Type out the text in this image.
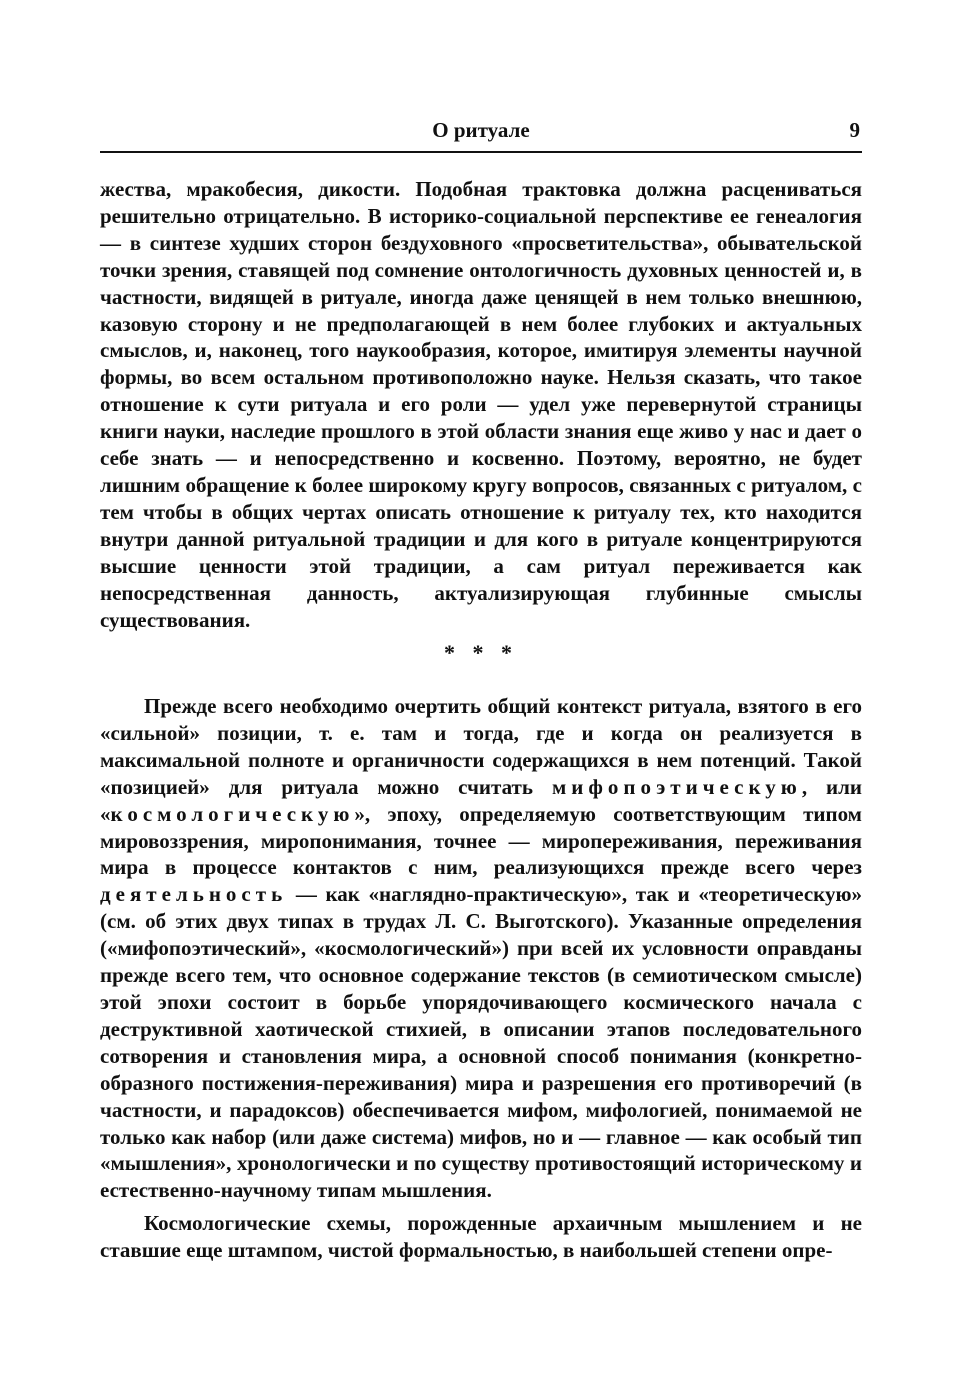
О ритуале	9

жества, мракобесия, дикости. Подобная трактовка должна расцениваться решительно отрицательно. В историко-социальной перспективе ее генеалогия — в синтезе худших сторон бездуховного «просветительства», обывательской точки зрения, ставящей под сомнение онтологичность духовных ценностей и, в частности, видящей в ритуале, иногда даже ценящей в нем только внешнюю, казовую сторону и не предполагающей в нем более глубоких и актуальных смыслов, и, наконец, того наукообразия, которое, имитируя элементы научной формы, во всем остальном противоположно науке. Нельзя сказать, что такое отношение к сути ритуала и его роли — удел уже перевернутой страницы книги науки, наследие прошлого в этой области знания еще живо у нас и дает о себе знать — и непосредственно и косвенно. Поэтому, вероятно, не будет лишним обращение к более широкому кругу вопросов, связанных с ритуалом, с тем чтобы в общих чертах описать отношение к ритуалу тех, кто находится внутри данной ритуальной традиции и для кого в ритуале концентрируются высшие ценности этой традиции, а сам ритуал переживается как непосредственная данность, актуализирующая глубинные смыслы существования.

* * *

Прежде всего необходимо очертить общий контекст ритуала, взятого в его «сильной» позиции, т. е. там и тогда, где и когда он реализуется в максимальной полноте и органичности содержащихся в нем потенций. Такой «позицией» для ритуала можно считать мифопоэтическую, или «космологическую», эпоху, определяемую соответствующим типом мировоззрения, миропонимания, точнее — миропереживания, переживания мира в процессе контактов с ним, реализующихся прежде всего через деятельность — как «наглядно-практическую», так и «теоретическую» (см. об этих двух типах в трудах Л. С. Выготского). Указанные определения («мифопоэтический», «космологический») при всей их условности оправданы прежде всего тем, что основное содержание текстов (в семиотическом смысле) этой эпохи состоит в борьбе упорядочивающего космического начала с деструктивной хаотической стихией, в описании этапов последовательного сотворения и становления мира, а основной способ понимания (конкретно-образного постижения-переживания) мира и разрешения его противоречий (в частности, и парадоксов) обеспечивается мифом, мифологией, понимаемой не только как набор (или даже система) мифов, но и — главное — как особый тип «мышления», хронологически и по существу противостоящий историческому и естественно-научному типам мышления.

Космологические схемы, порожденные архаичным мышлением и не ставшие еще штампом, чистой формальностью, в наибольшей степени опре-
